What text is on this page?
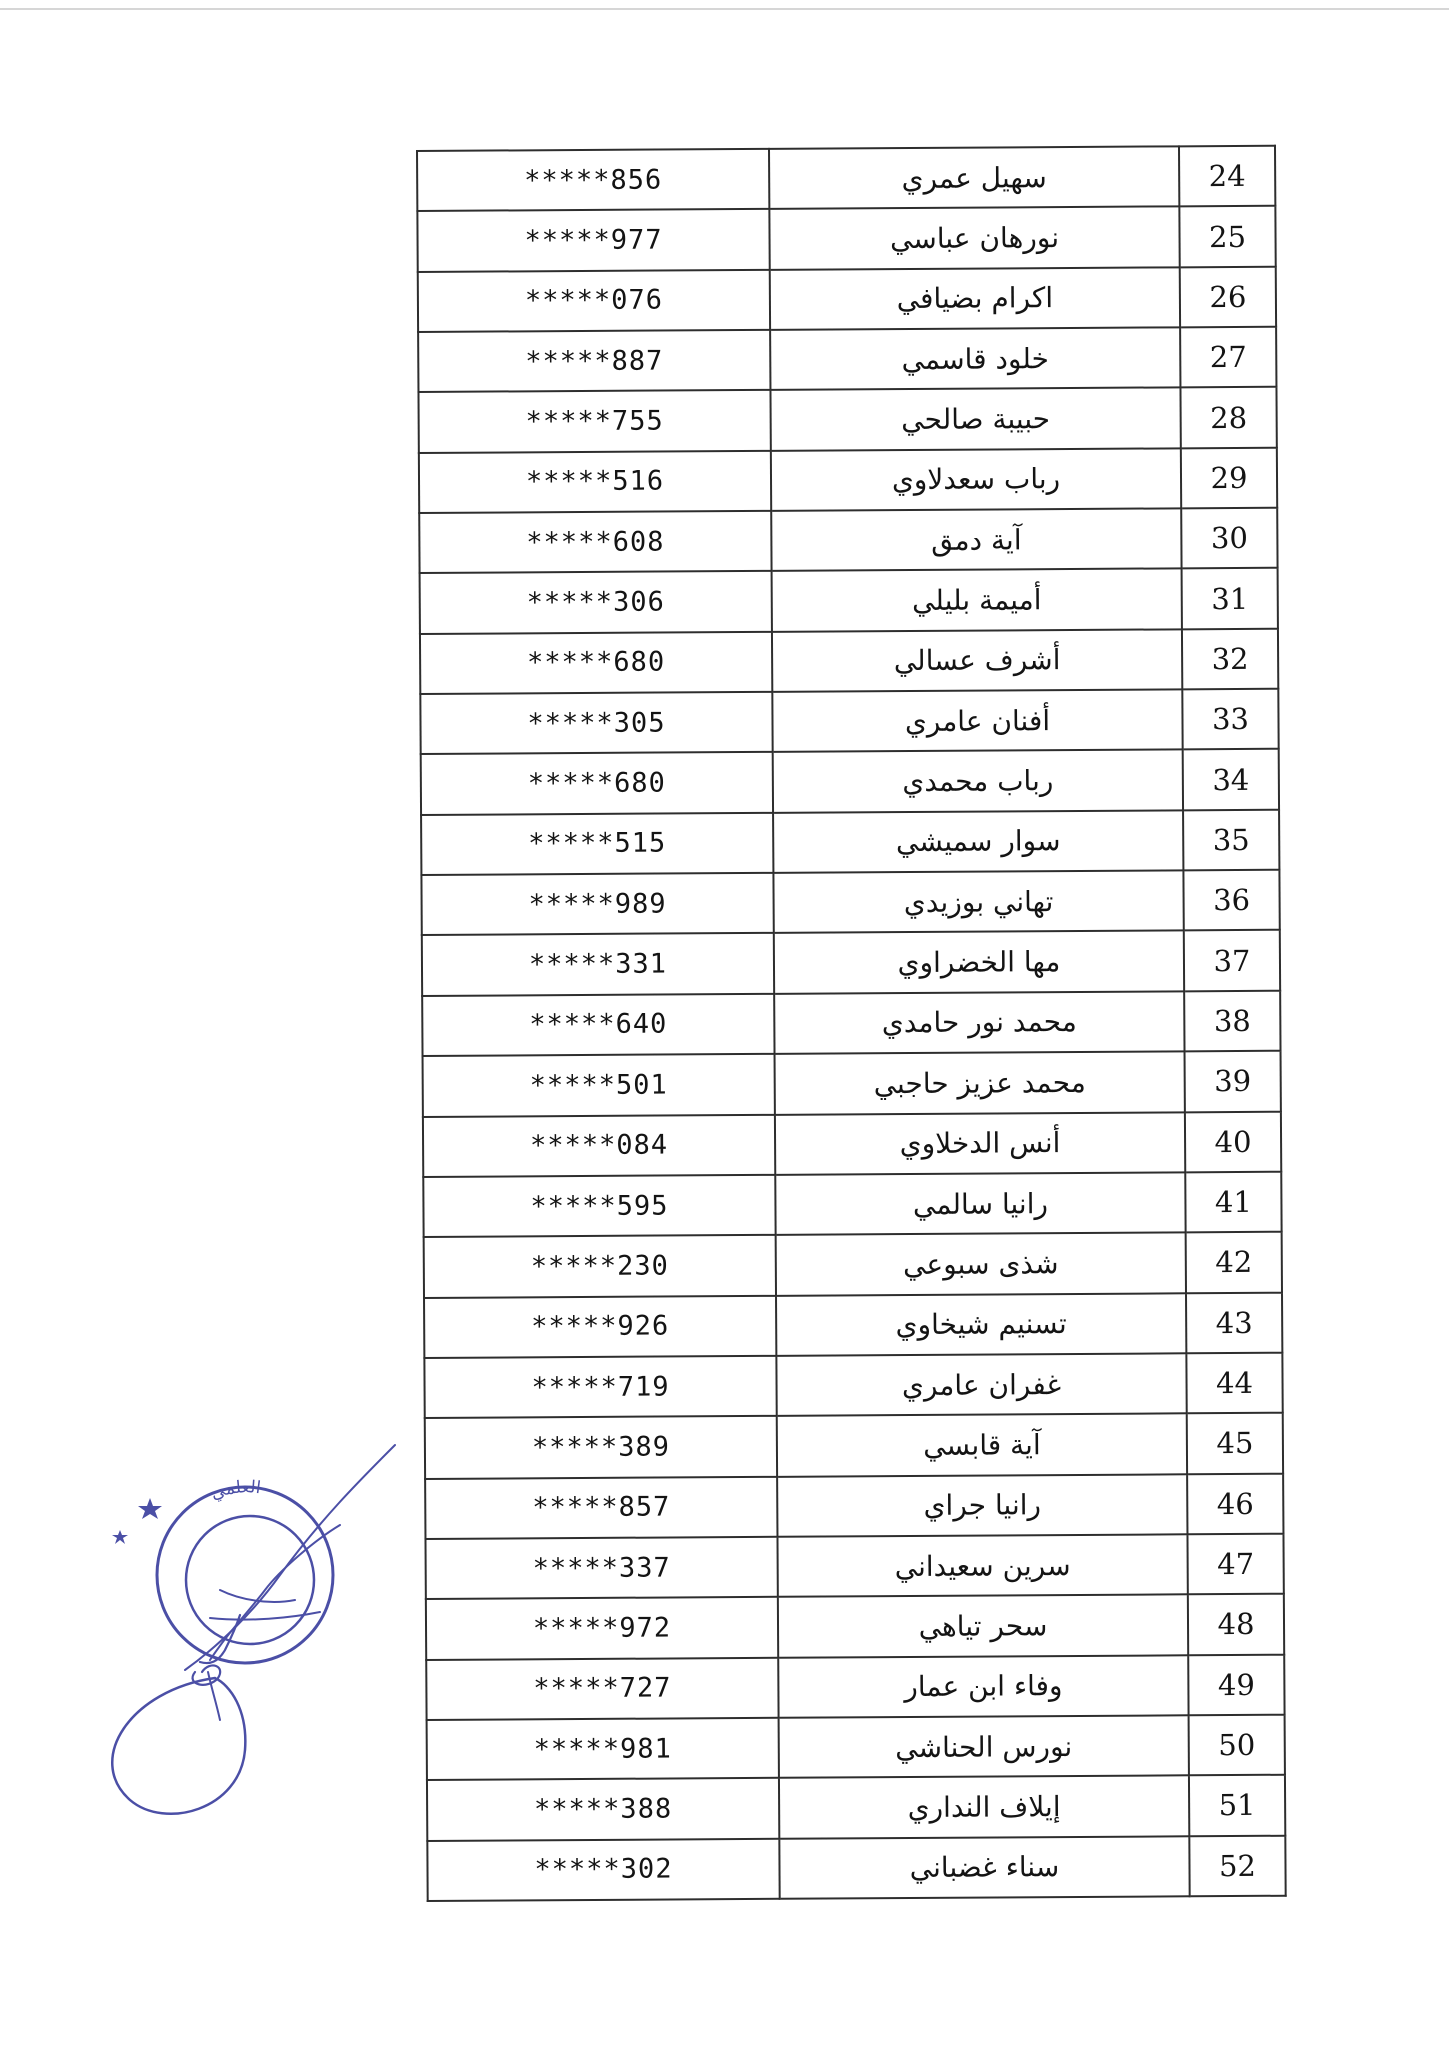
*****856	سهيل عمري	24
*****977	نورهان عباسي	25
*****076	اكرام بضيافي	26
*****887	خلود قاسمي	27
*****755	حبيبة صالحي	28
*****516	رباب سعدلاوي	29
*****608	آية دمق	30
*****306	أميمة بليلي	31
*****680	أشرف عسالي	32
*****305	أفنان عامري	33
*****680	رباب محمدي	34
*****515	سوار سميشي	35
*****989	تهاني بوزيدي	36
*****331	مها الخضراوي	37
*****640	محمد نور حامدي	38
*****501	محمد عزيز حاجبي	39
*****084	أنس الدخلاوي	40
*****595	رانيا سالمي	41
*****230	شذى سبوعي	42
*****926	تسنيم شيخاوي	43
*****719	غفران عامري	44
*****389	آية قابسي	45
*****857	رانيا جراي	46
*****337	سرين سعيداني	47
*****972	سحر تياهي	48
*****727	وفاء ابن عمار	49
*****981	نورس الحناشي	50
*****388	إيلاف النداري	51
*****302	سناء غضباني	52
العلمي
